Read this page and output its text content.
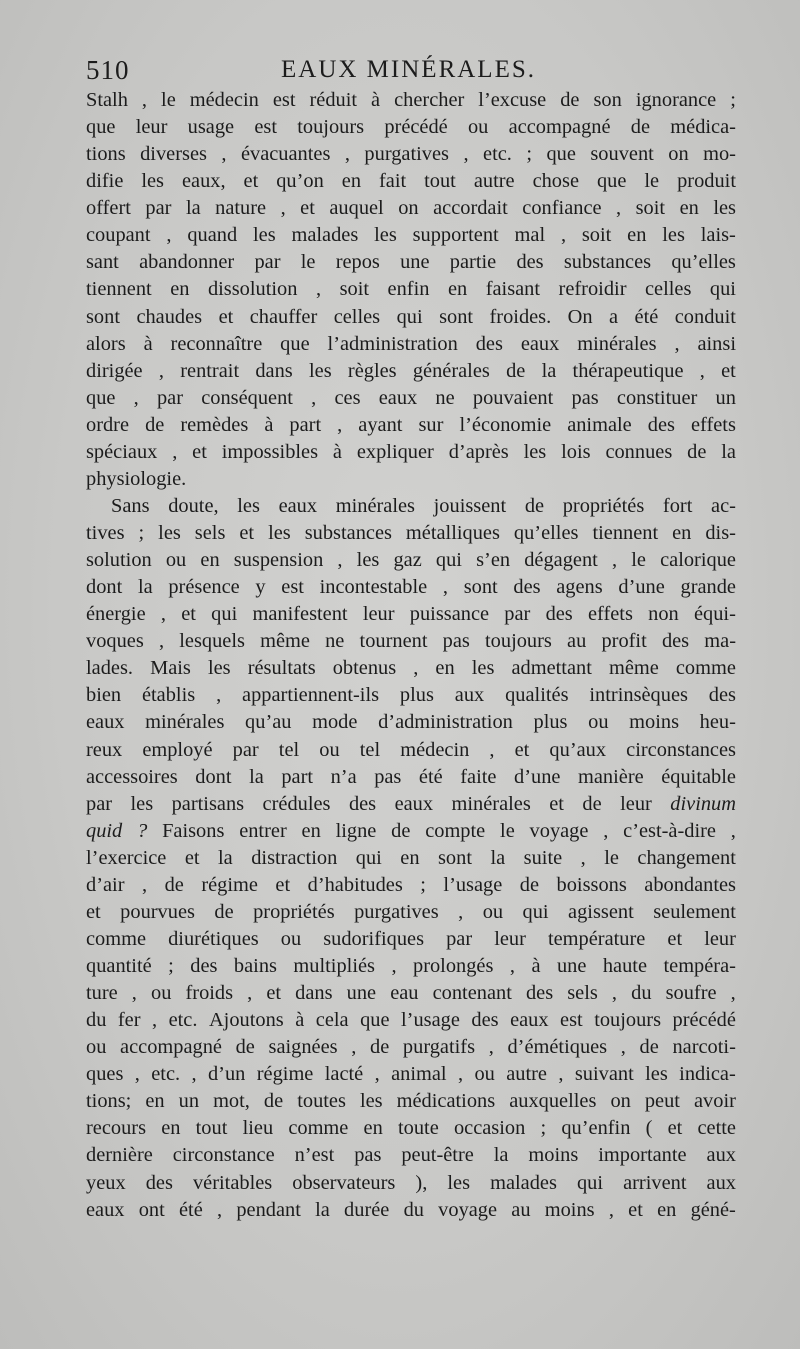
510	EAUX MINÉRALES.
Stalh , le médecin est réduit à chercher l’excuse de son ignorance ;
que leur usage est toujours précédé ou accompagné de médica-
tions diverses , évacuantes , purgatives , etc. ; que souvent on mo-
difie les eaux, et qu’on en fait tout autre chose que le produit
offert par la nature , et auquel on accordait confiance , soit en les
coupant , quand les malades les supportent mal , soit en les lais-
sant abandonner par le repos une partie des substances qu’elles
tiennent en dissolution , soit enfin en faisant refroidir celles qui
sont chaudes et chauffer celles qui sont froides. On a été conduit
alors à reconnaître que l’administration des eaux minérales , ainsi
dirigée , rentrait dans les règles générales de la thérapeutique , et
que , par conséquent , ces eaux ne pouvaient pas constituer un
ordre de remèdes à part , ayant sur l’économie animale des effets
spéciaux , et impossibles à expliquer d’après les lois connues de la
physiologie.
Sans doute, les eaux minérales jouissent de propriétés fort ac-
tives ; les sels et les substances métalliques qu’elles tiennent en dis-
solution ou en suspension , les gaz qui s’en dégagent , le calorique
dont la présence y est incontestable , sont des agens d’une grande
énergie , et qui manifestent leur puissance par des effets non équi-
voques , lesquels même ne tournent pas toujours au profit des ma-
lades. Mais les résultats obtenus , en les admettant même comme
bien établis , appartiennent-ils plus aux qualités intrinsèques des
eaux minérales qu’au mode d’administration plus ou moins heu-
reux employé par tel ou tel médecin , et qu’aux circonstances
accessoires dont la part n’a pas été faite d’une manière équitable
par les partisans crédules des eaux minérales et de leur divinum
quid ? Faisons entrer en ligne de compte le voyage , c’est-à-dire ,
l’exercice et la distraction qui en sont la suite , le changement
d’air , de régime et d’habitudes ; l’usage de boissons abondantes
et pourvues de propriétés purgatives , ou qui agissent seulement
comme diurétiques ou sudorifiques par leur température et leur
quantité ; des bains multipliés , prolongés , à une haute tempéra-
ture , ou froids , et dans une eau contenant des sels , du soufre ,
du fer , etc. Ajoutons à cela que l’usage des eaux est toujours précédé
ou accompagné de saignées , de purgatifs , d’émétiques , de narcoti-
ques , etc. , d’un régime lacté , animal , ou autre , suivant les indica-
tions; en un mot, de toutes les médications auxquelles on peut avoir
recours en tout lieu comme en toute occasion ; qu’enfin ( et cette
dernière circonstance n’est pas peut-être la moins importante aux
yeux des véritables observateurs ), les malades qui arrivent aux
eaux ont été , pendant la durée du voyage au moins , et en géné-
